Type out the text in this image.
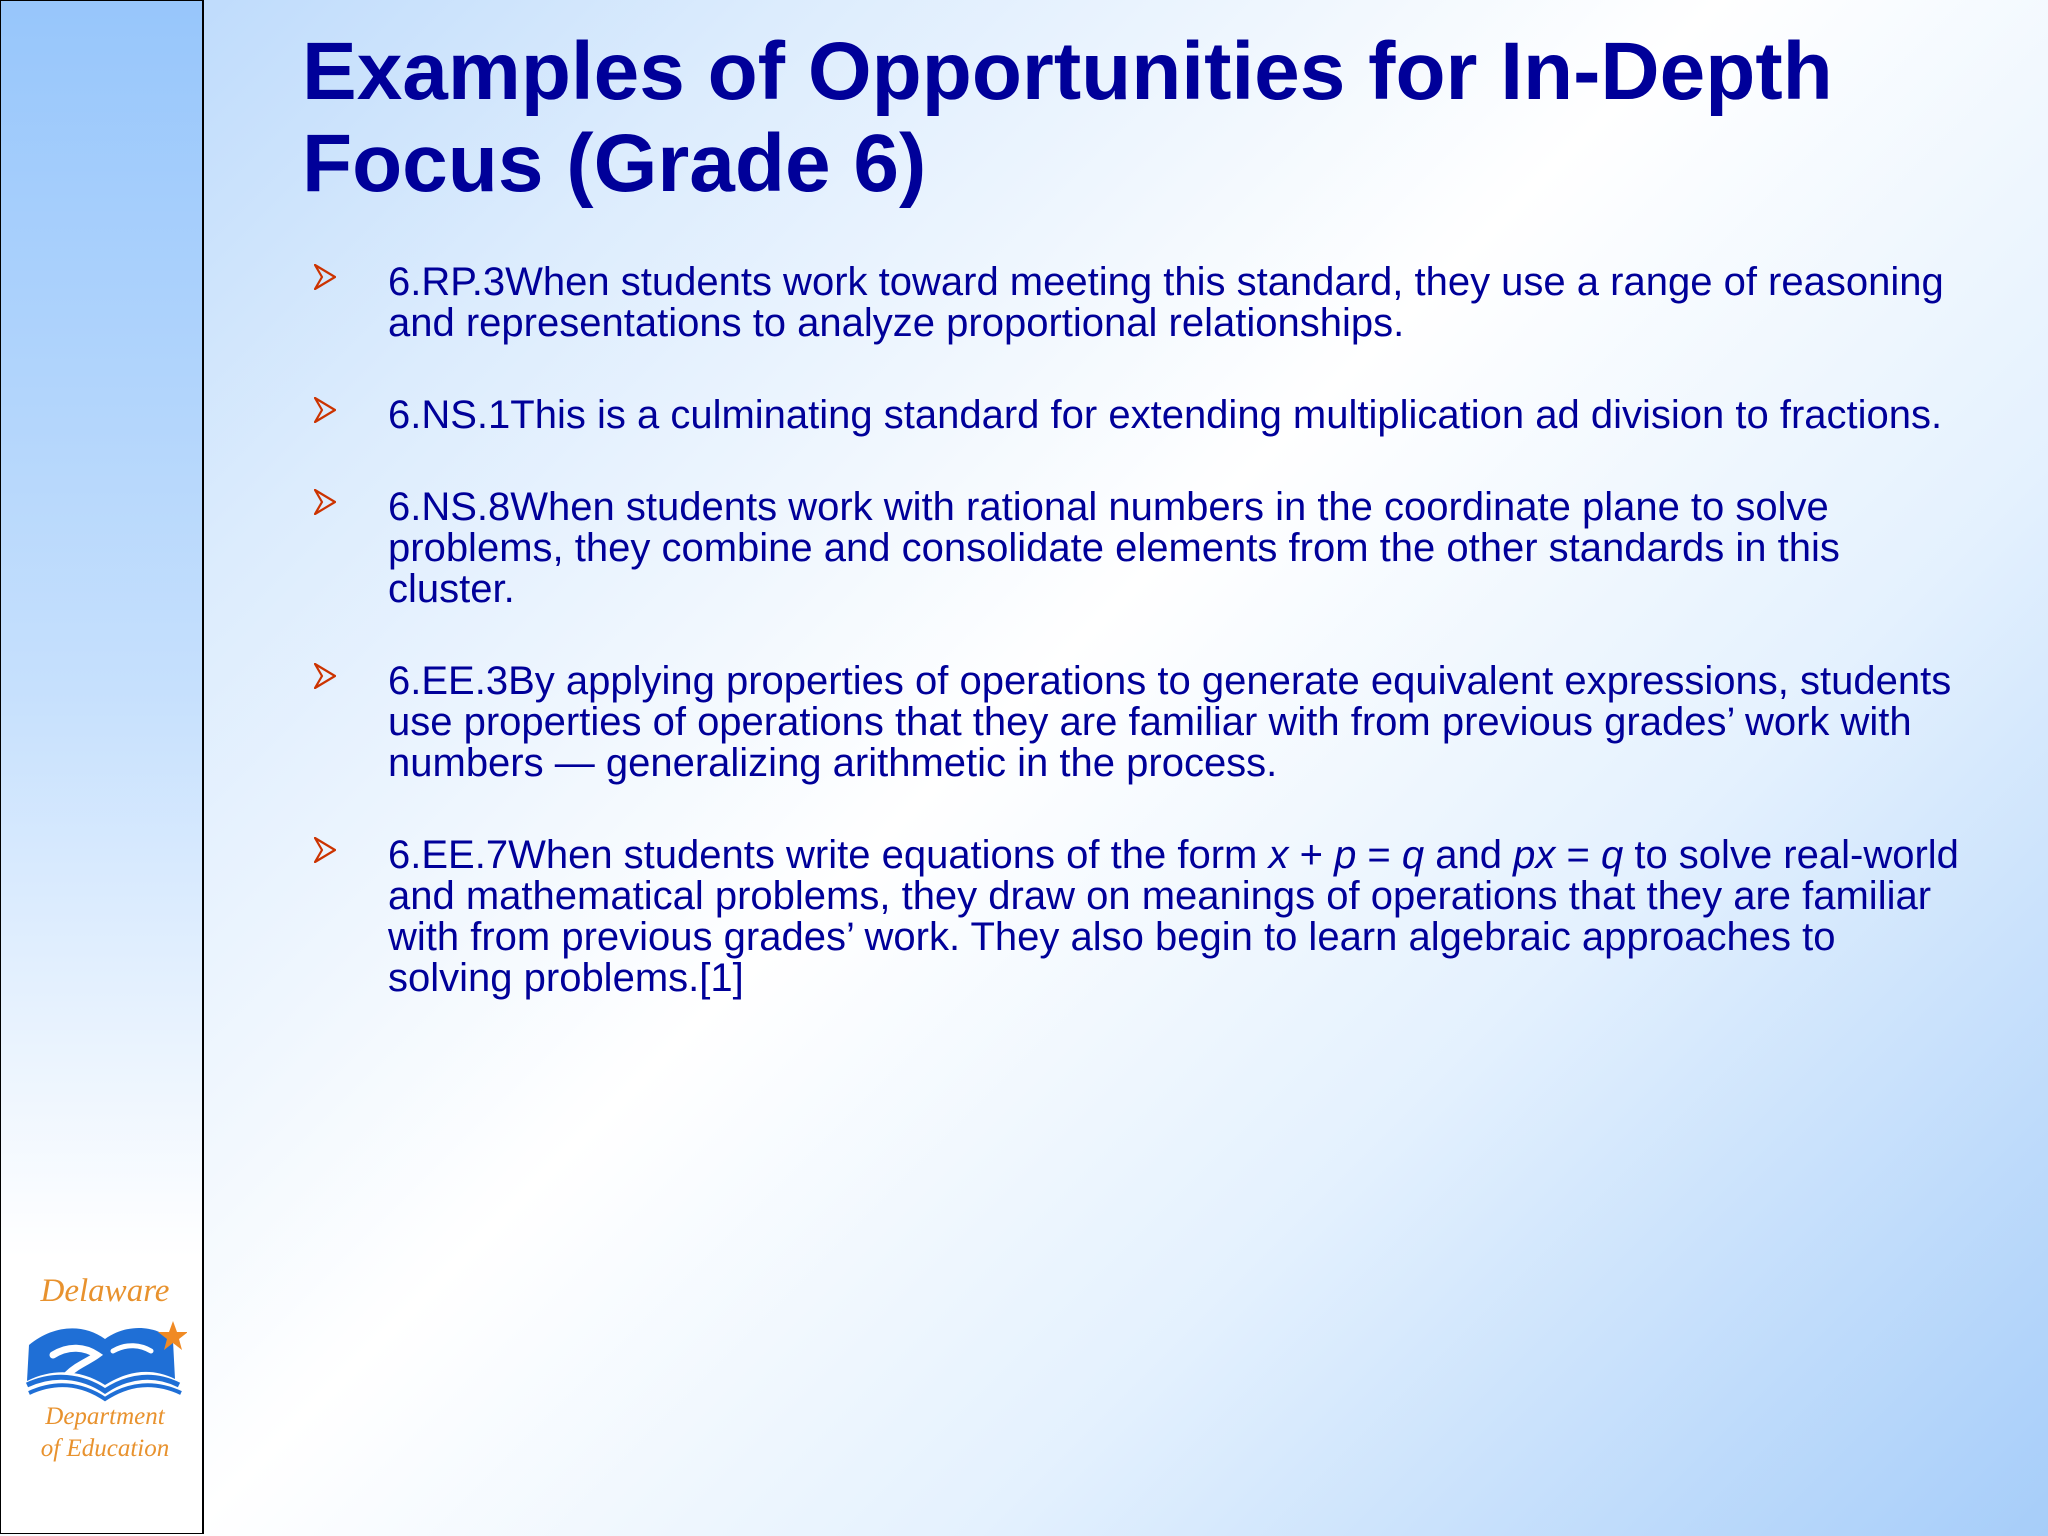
Delaware
Department
of Education
Examples of Opportunities for In-Depth Focus (Grade 6)
6.RP.3When students work toward meeting this standard, they use a range of reasoning and representations to analyze proportional relationships.
6.NS.1This is a culminating standard for extending multiplication ad division to fractions.
6.NS.8When students work with rational numbers in the coordinate plane to solve problems, they combine and consolidate elements from the other standards in this cluster.
6.EE.3By applying properties of operations to generate equivalent expressions, students use properties of operations that they are familiar with from previous grades’ work with numbers — generalizing arithmetic in the process.
6.EE.7When students write equations of the form x + p = q and px = q to solve real-world and mathematical problems, they draw on meanings of operations that they are familiar with from previous grades’ work. They also begin to learn algebraic approaches to solving problems.[1]
